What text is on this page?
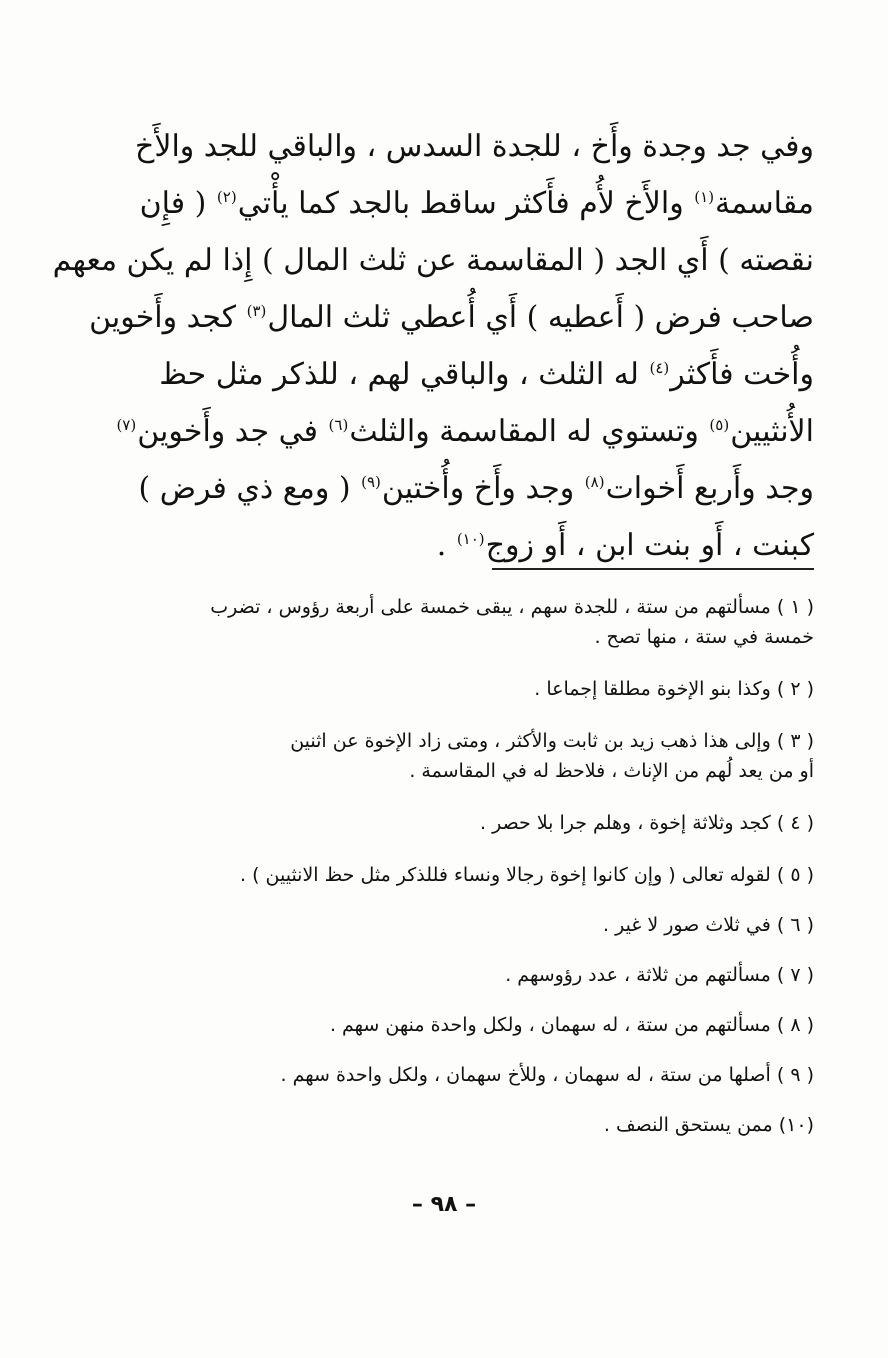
وفي جد وجدة وأَخ ، للجدة السدس ، والباقي للجد والأَخ
مقاسمة$^{(١)}$ والأَخ لأُم فأَكثر ساقط بالجد كما يأْتي$^{(٢)}$ ( فإِن
نقصته ) أَي الجد ( المقاسمة عن ثلث المال ) إِذا لم يكن معهم
صاحب فرض ( أَعطيه ) أَي أُعطي ثلث المال$^{(٣)}$ كجد وأَخوين
وأُخت فأَكثر$^{(٤)}$ له الثلث ، والباقي لهم ، للذكر مثل حظ
الأُنثيين$^{(٥)}$ وتستوي له المقاسمة والثلث$^{(٦)}$ في جد وأَخوين$^{(٧)}$
وجد وأَربع أَخوات$^{(٨)}$ وجد وأَخ وأُختين$^{(٩)}$ ( ومع ذي فرض )
كبنت ، أَو بنت ابن ، أَو زوج$^{(١٠)}$ .
( ١ ) مسألتهم من ستة ، للجدة سهم ، يبقى خمسة على أربعة رؤوس ، تضرب
خمسة في ستة ، منها تصح .
( ٢ ) وكذا بنو الإخوة مطلقا إجماعا .
( ٣ ) وإلى هذا ذهب زيد بن ثابت والأكثر ، ومتى زاد الإخوة عن اثنين
أو من يعد لُهم من الإناث ، فلاحظ له في المقاسمة .
( ٤ ) كجد وثلاثة إخوة ، وهلم جرا بلا حصر .
( ٥ ) لقوله تعالى ( وإن كانوا إخوة رجالا ونساء فللذكر مثل حظ الانثيين ) .
( ٦ ) في ثلاث صور لا غير .
( ٧ ) مسألتهم من ثلاثة ، عدد رؤوسهم .
( ٨ ) مسألتهم من ستة ، له سهمان ، ولكل واحدة منهن سهم .
( ٩ ) أصلها من ستة ، له سهمان ، وللأخ سهمان ، ولكل واحدة سهم .
(١٠) ممن يستحق النصف .
– ٩٨ –
